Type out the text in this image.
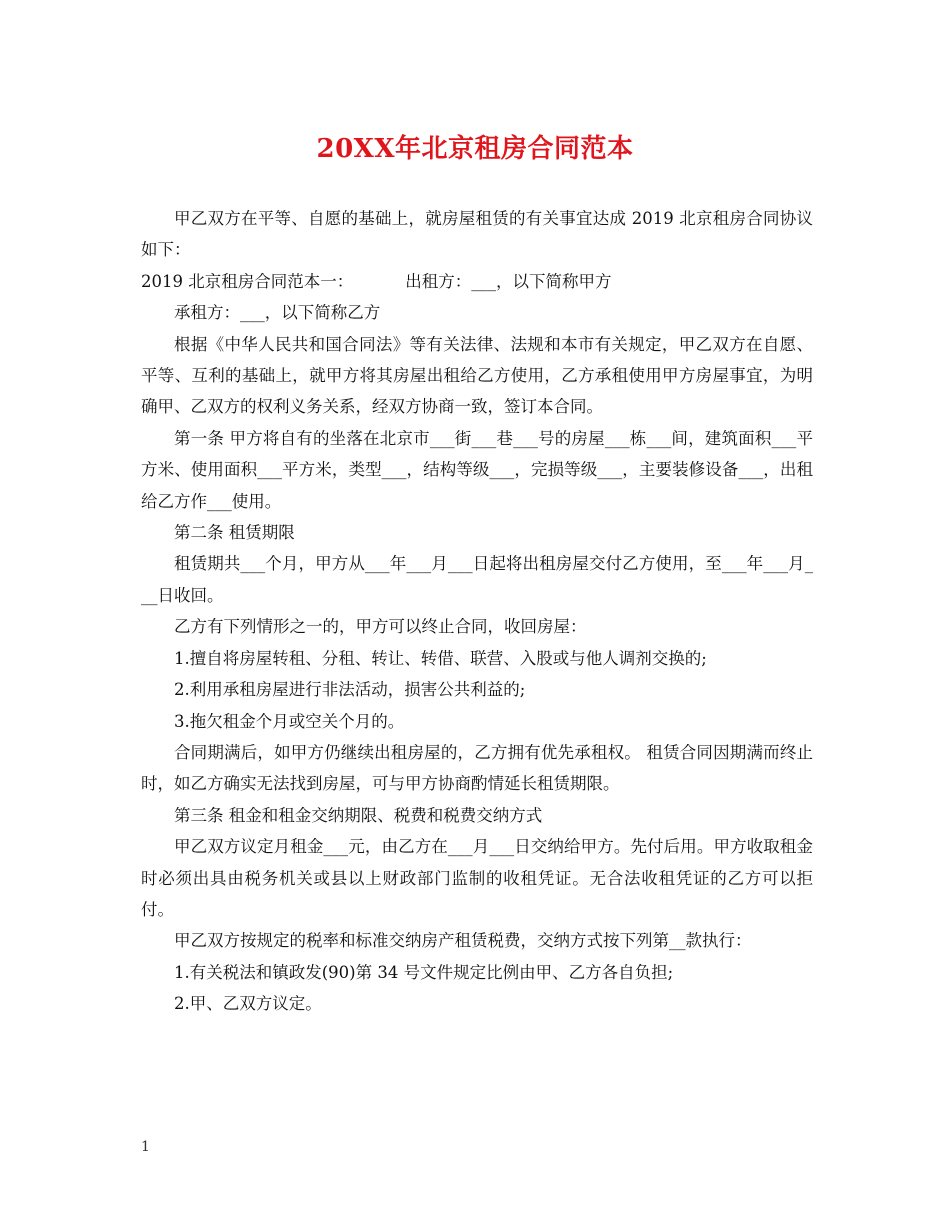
20XX年北京租房合同范本

甲乙双方在平等、自愿的基础上，就房屋租赁的有关事宜达成 2019 北京租房合同协议如下：

2019 北京租房合同范本一：	出租方：___，以下简称甲方

承租方：___，以下简称乙方

根据《中华人民共和国合同法》等有关法律、法规和本市有关规定，甲乙双方在自愿、平等、互利的基础上，就甲方将其房屋出租给乙方使用，乙方承租使用甲方房屋事宜，为明确甲、乙双方的权利义务关系，经双方协商一致，签订本合同。

第一条 甲方将自有的坐落在北京市___街___巷___号的房屋___栋___间，建筑面积___平方米、使用面积___平方米，类型___，结构等级___，完损等级___，主要装修设备___，出租给乙方作___使用。

第二条 租赁期限

租赁期共___个月，甲方从___年___月___日起将出租房屋交付乙方使用，至___年___月___日收回。

乙方有下列情形之一的，甲方可以终止合同，收回房屋：

1.擅自将房屋转租、分租、转让、转借、联营、入股或与他人调剂交换的;

2.利用承租房屋进行非法活动，损害公共利益的;

3.拖欠租金个月或空关个月的。

合同期满后，如甲方仍继续出租房屋的，乙方拥有优先承租权。 租赁合同因期满而终止时，如乙方确实无法找到房屋，可与甲方协商酌情延长租赁期限。

第三条 租金和租金交纳期限、税费和税费交纳方式

甲乙双方议定月租金___元，由乙方在___月___日交纳给甲方。先付后用。甲方收取租金时必须出具由税务机关或县以上财政部门监制的收租凭证。无合法收租凭证的乙方可以拒付。

甲乙双方按规定的税率和标准交纳房产租赁税费，交纳方式按下列第__款执行：

1.有关税法和镇政发(90)第 34 号文件规定比例由甲、乙方各自负担;

2.甲、乙双方议定。

1
